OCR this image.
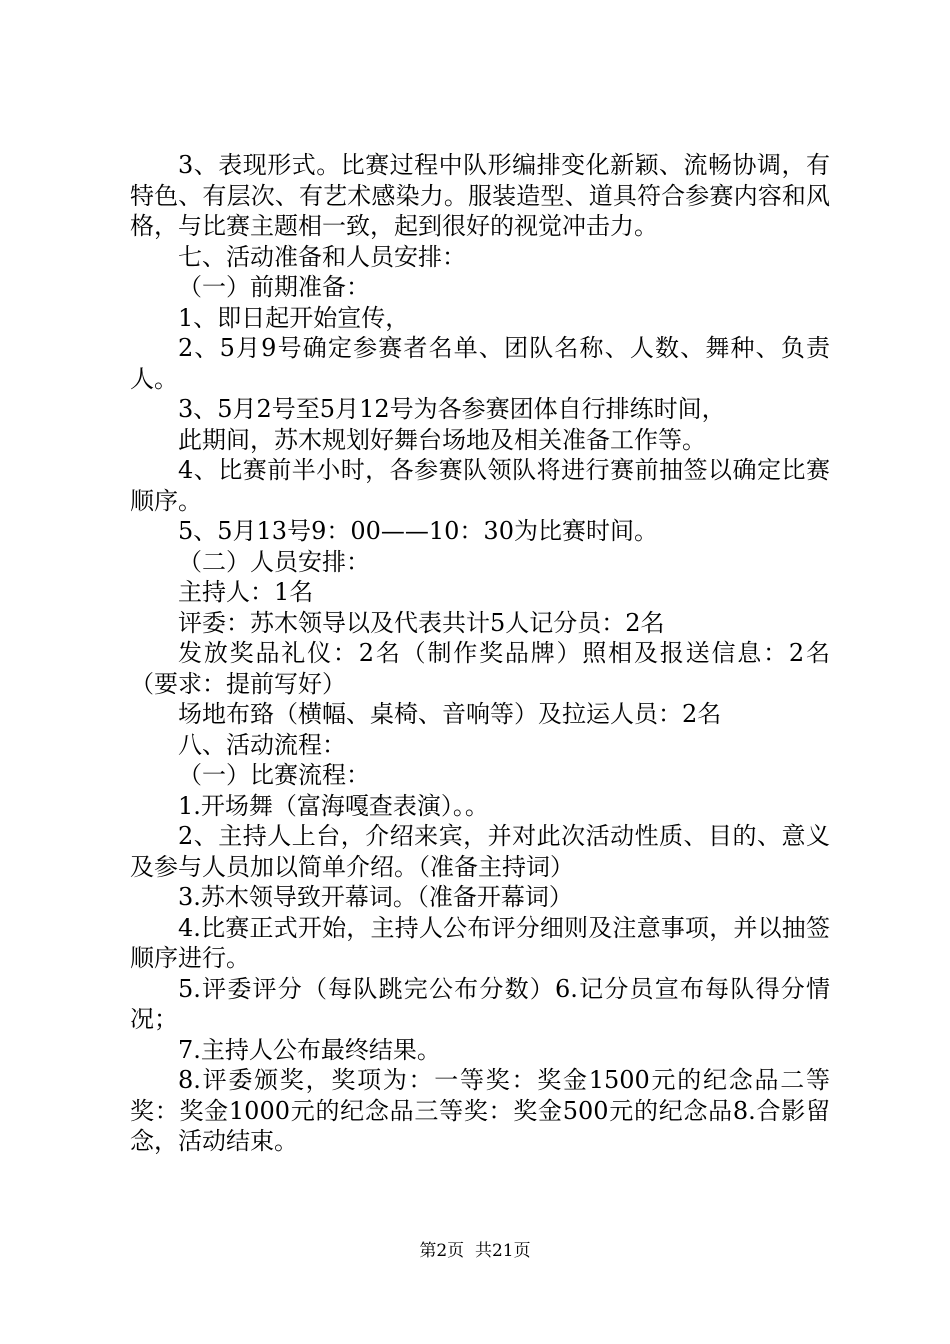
3、表现形式。比赛过程中队形编排变化新颖、流畅协调，有特色、有层次、有艺术感染力。服装造型、道具符合参赛内容和风格，与比赛主题相一致，起到很好的视觉冲击力。

七、活动准备和人员安排：

（一）前期准备：

1、即日起开始宣传，

2、5月9号确定参赛者名单、团队名称、人数、舞种、负责人。

3、5月2号至5月12号为各参赛团体自行排练时间，

此期间，苏木规划好舞台场地及相关准备工作等。

4、比赛前半小时，各参赛队领队将进行赛前抽签以确定比赛顺序。

5、5月13号9：00——10：30为比赛时间。

（二）人员安排：

主持人：1名

评委：苏木领导以及代表共计5人记分员：2名

发放奖品礼仪：2名（制作奖品牌）照相及报送信息：2名（要求：提前写好）

场地布臵（横幅、桌椅、音响等）及拉运人员：2名

八、活动流程：

（一）比赛流程：

1.开场舞（富海嘎查表演）。。

2、主持人上台，介绍来宾，并对此次活动性质、目的、意义及参与人员加以简单介绍。（准备主持词）

3.苏木领导致开幕词。（准备开幕词）

4.比赛正式开始，主持人公布评分细则及注意事项，并以抽签顺序进行。

5.评委评分（每队跳完公布分数）6.记分员宣布每队得分情况；

7.主持人公布最终结果。

8.评委颁奖，奖项为：一等奖：奖金1500元的纪念品二等奖：奖金1000元的纪念品三等奖：奖金500元的纪念品8.合影留念，活动结束。

第2页  共21页
